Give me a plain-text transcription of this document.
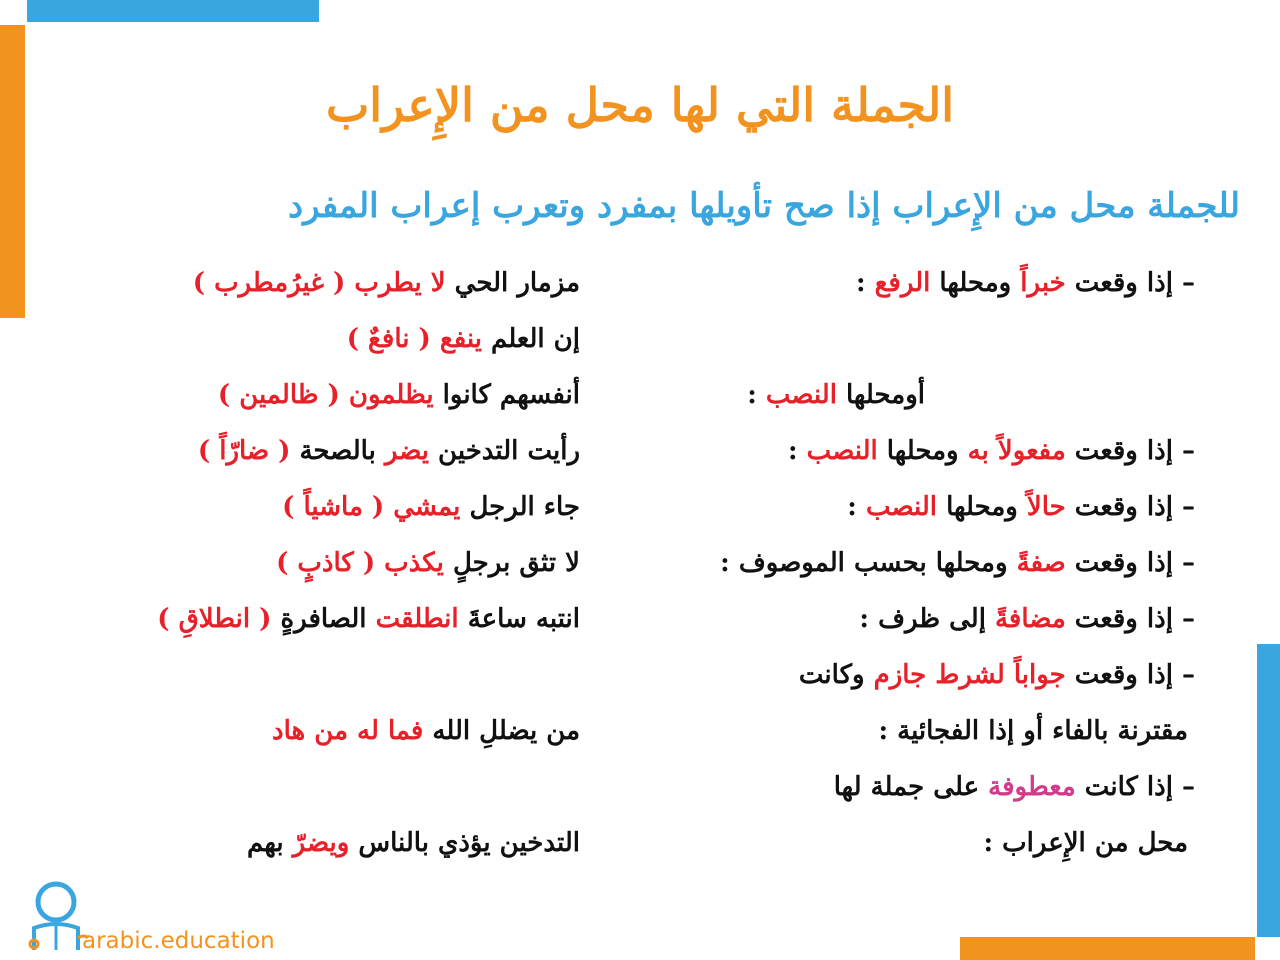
الجملة التي لها محل من الإِعراب
للجملة محل من الإِعراب إذا صح تأويلها بمفرد وتعرب إعراب المفرد
– إذا وقعت خبراً ومحلها الرفع :
أومحلها النصب :
– إذا وقعت مفعولاً به ومحلها النصب :
– إذا وقعت حالاً ومحلها النصب :
– إذا وقعت صفةً ومحلها بحسب الموصوف :
– إذا وقعت مضافةً إلى ظرف :
– إذا وقعت جواباً لشرط جازم وكانت
مقترنة بالفاء أو إذا الفجائية :
– إذا كانت معطوفة على جملة لها
محل من الإِعراب :
مزمار الحي لا يطرب ( غيرُمطرب )
إن العلم ينفع ( نافعٌ )
أنفسهم كانوا يظلمون ( ظالمين )
رأيت التدخين يضر بالصحة ( ضارّاً )
جاء الرجل يمشي ( ماشياً )
لا تثق برجلٍ يكذب ( كاذبٍ )
انتبه ساعةَ انطلقت الصافرةٍ ( انطلاقِ )
من يضللِ الله فما له من هاد
التدخين يؤذي بالناس ويضرّ بهم
arabic.education
